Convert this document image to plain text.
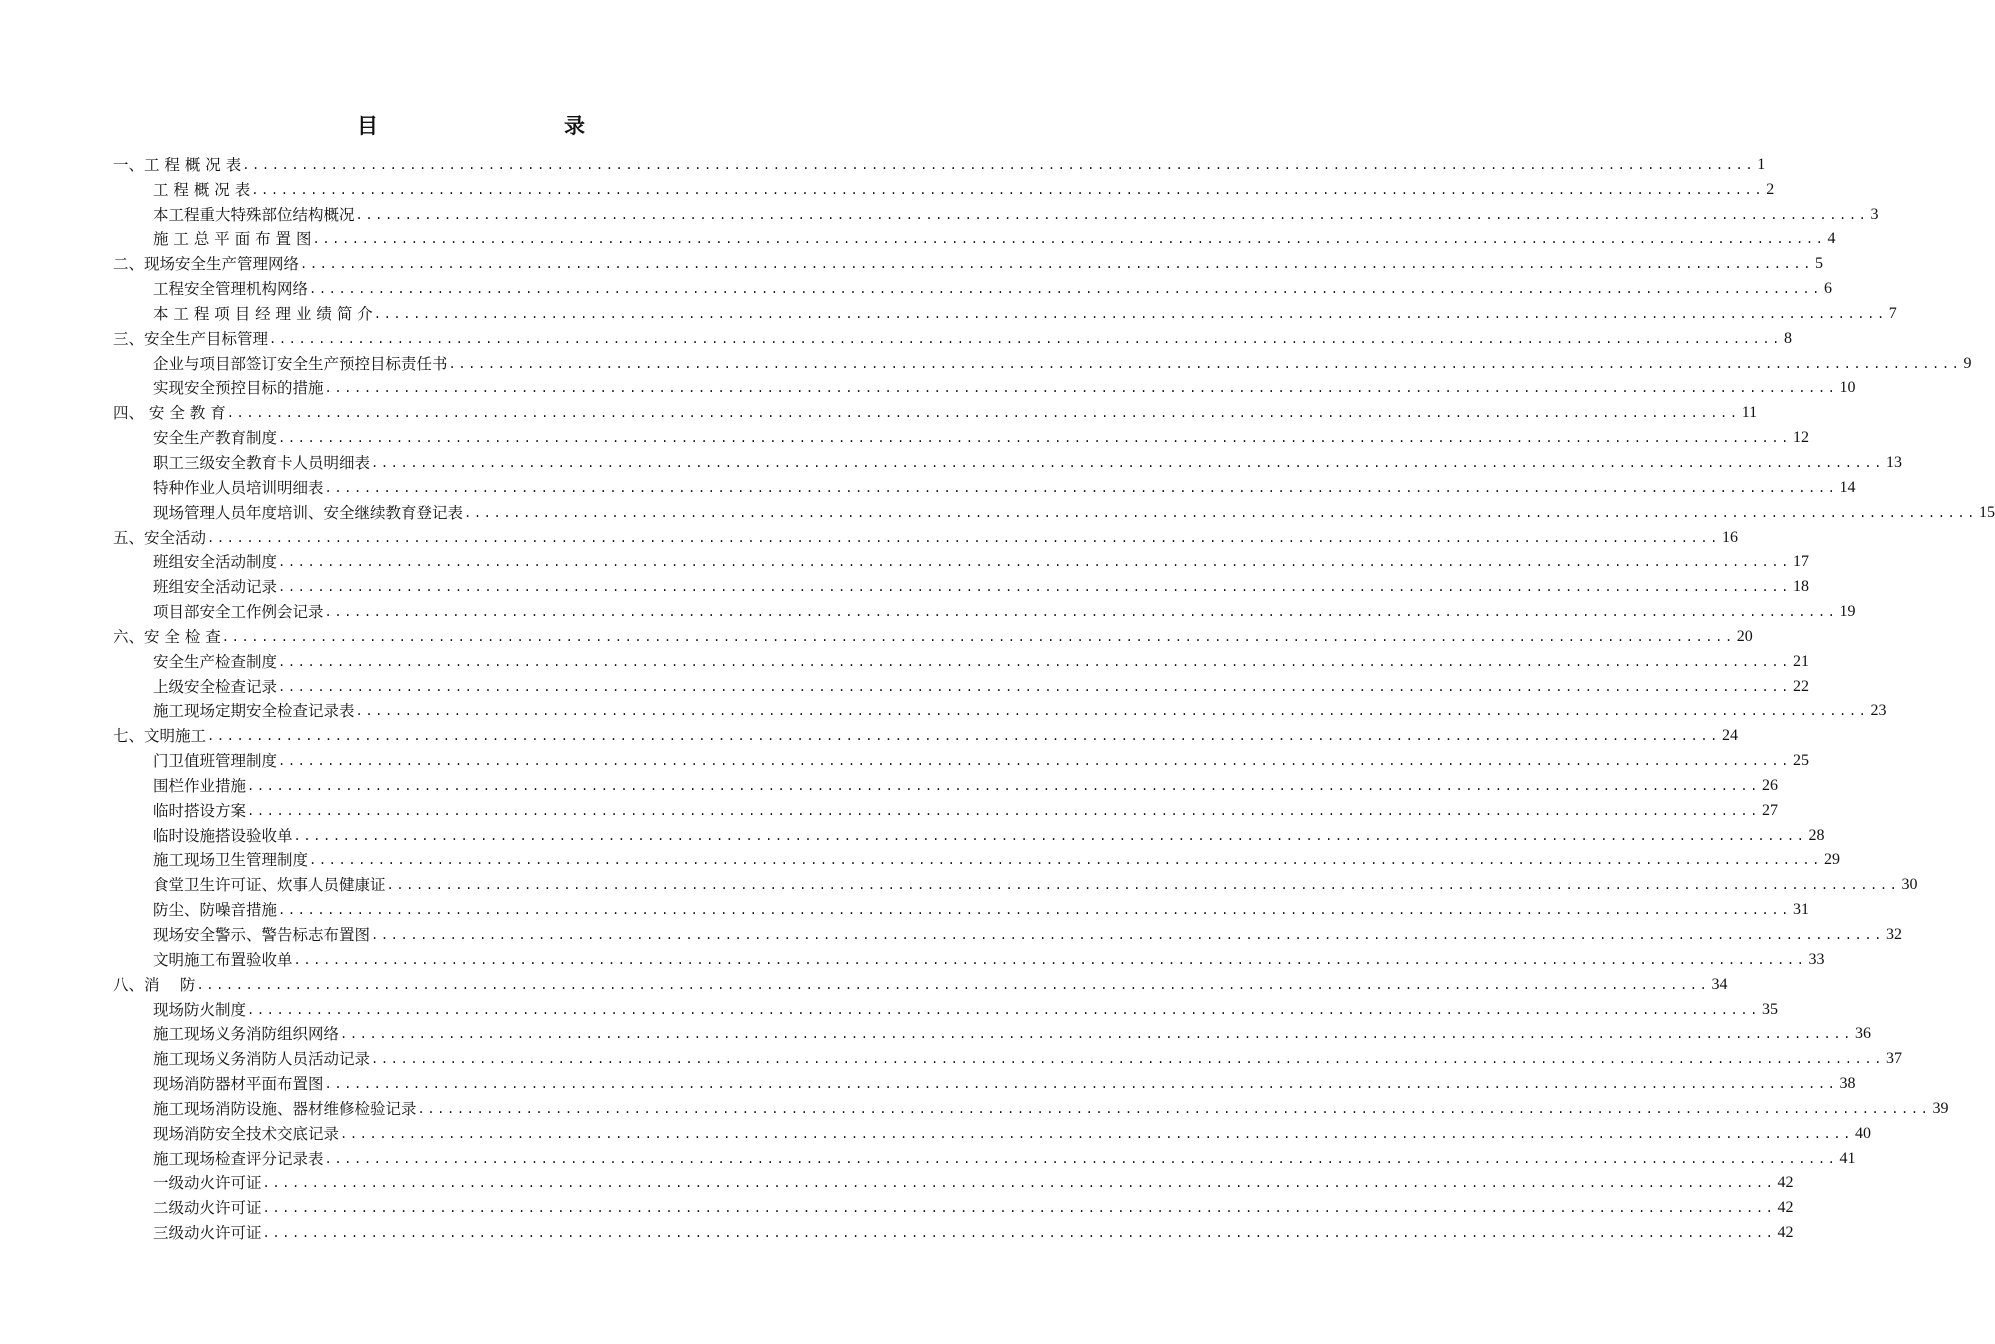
目　　录
一、工 程 概 况 表 .......................................................................................................................................................... 1
工 程 概 况 表 .......................................................................................................................................................... 2
本工程重大特殊部位结构概况 .......................................................................................................................................................... 3
施 工 总 平 面 布 置 图 .......................................................................................................................................................... 4
二、现场安全生产管理网络 .......................................................................................................................................................... 5
工程安全管理机构网络 .......................................................................................................................................................... 6
本 工 程 项 目 经 理 业 绩 简 介 .......................................................................................................................................................... 7
三、安全生产目标管理 .......................................................................................................................................................... 8
企业与项目部签订安全生产预控目标责任书 .......................................................................................................................................................... 9
实现安全预控目标的措施 .......................................................................................................................................................... 10
四、 安 全 教 育 .......................................................................................................................................................... 11
安全生产教育制度 .......................................................................................................................................................... 12
职工三级安全教育卡人员明细表 .......................................................................................................................................................... 13
特种作业人员培训明细表 .......................................................................................................................................................... 14
现场管理人员年度培训、安全继续教育登记表 .......................................................................................................................................................... 15
五、安全活动 .......................................................................................................................................................... 16
班组安全活动制度 .......................................................................................................................................................... 17
班组安全活动记录 .......................................................................................................................................................... 18
项目部安全工作例会记录 .......................................................................................................................................................... 19
六、安 全 检 查 .......................................................................................................................................................... 20
安全生产检查制度 .......................................................................................................................................................... 21
上级安全检查记录 .......................................................................................................................................................... 22
施工现场定期安全检查记录表 .......................................................................................................................................................... 23
七、文明施工 .......................................................................................................................................................... 24
门卫值班管理制度 .......................................................................................................................................................... 25
围栏作业措施 .......................................................................................................................................................... 26
临时搭设方案 .......................................................................................................................................................... 27
临时设施搭设验收单 .......................................................................................................................................................... 28
施工现场卫生管理制度 .......................................................................................................................................................... 29
食堂卫生许可证、炊事人员健康证 .......................................................................................................................................................... 30
防尘、防噪音措施 .......................................................................................................................................................... 31
现场安全警示、警告标志布置图 .......................................................................................................................................................... 32
文明施工布置验收单 .......................................................................................................................................................... 33
八、消　 防 .......................................................................................................................................................... 34
现场防火制度 .......................................................................................................................................................... 35
施工现场义务消防组织网络 .......................................................................................................................................................... 36
施工现场义务消防人员活动记录 .......................................................................................................................................................... 37
现场消防器材平面布置图 .......................................................................................................................................................... 38
施工现场消防设施、器材维修检验记录 .......................................................................................................................................................... 39
现场消防安全技术交底记录 .......................................................................................................................................................... 40
施工现场检查评分记录表 .......................................................................................................................................................... 41
一级动火许可证 .......................................................................................................................................................... 42
二级动火许可证 .......................................................................................................................................................... 42
三级动火许可证 .......................................................................................................................................................... 42
